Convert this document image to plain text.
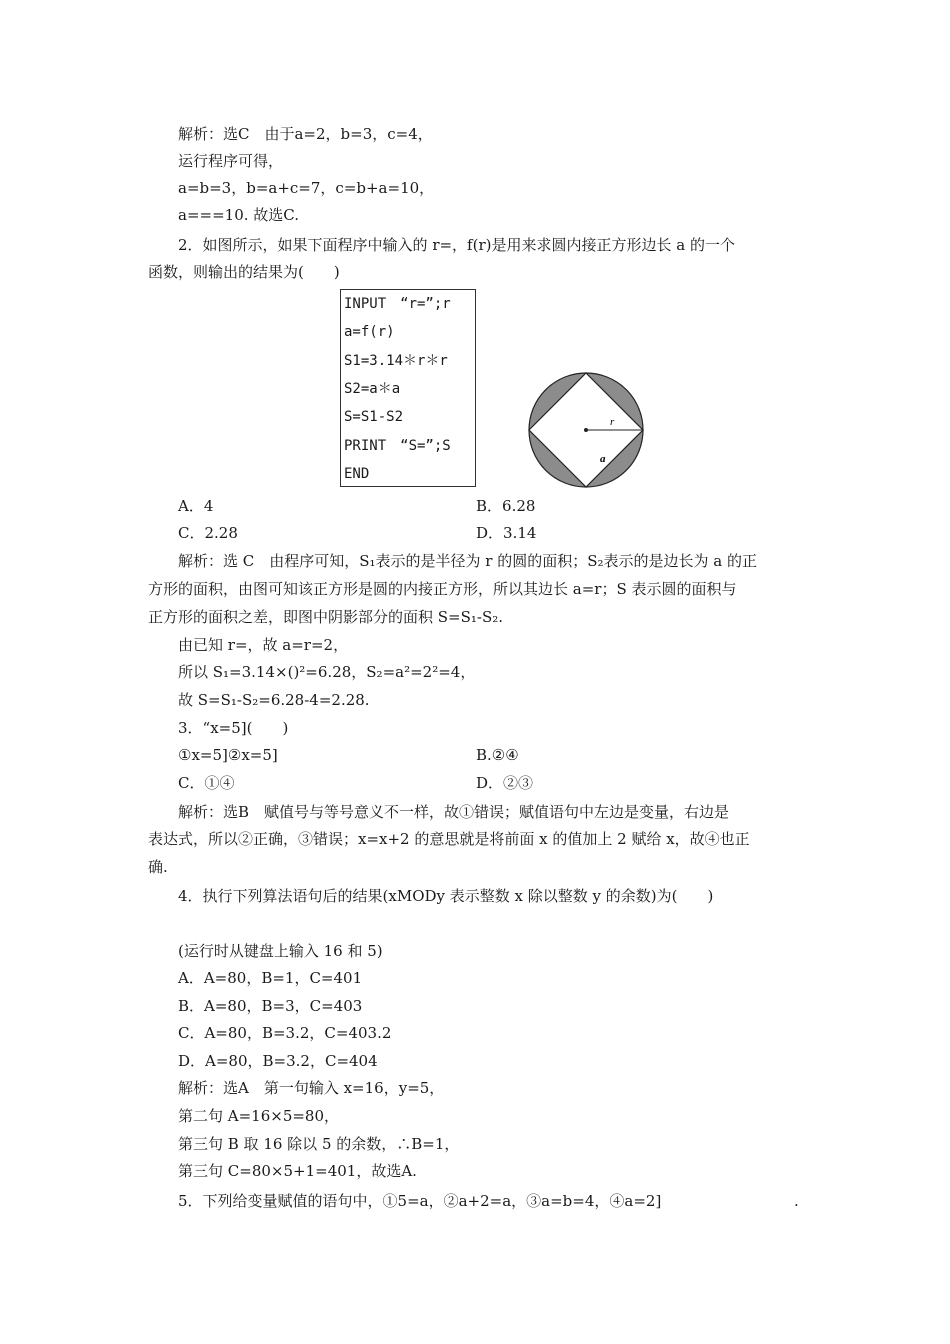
解析：选C　由于a=2，b=3，c=4，
运行程序可得，
a=b=3，b=a+c=7，c=b+a=10，
a===10. 故选C.
2．如图所示，如果下面程序中输入的 r=，f(r)是用来求圆内接正方形边长 a 的一个
函数，则输出的结果为(　　)
INPUT　“r=”;r
a=f(r)
S1=3.14＊r＊r
S2=a＊a
S=S1-S2
PRINT　“S=”;S
END
r
a
A．4	B．6.28
C．2.28	D．3.14
解析：选 C　由程序可知，S₁表示的是半径为 r 的圆的面积；S₂表示的是边长为 a 的正
方形的面积，由图可知该正方形是圆的内接正方形，所以其边长 a=r；S 表示圆的面积与
正方形的面积之差，即图中阴影部分的面积 S=S₁-S₂.
由已知 r=，故 a=r=2，
所以 S₁=3.14×()²=6.28，S₂=a²=2²=4，
故 S=S₁-S₂=6.28-4=2.28.
3．“x=5](　　)
①x=5]②x=5]	B.②④
C．①④	D．②③
解析：选B　赋值号与等号意义不一样，故①错误；赋值语句中左边是变量，右边是
表达式，所以②正确，③错误；x=x+2 的意思就是将前面 x 的值加上 2 赋给 x，故④也正
确.
4．执行下列算法语句后的结果(xMODy 表示整数 x 除以整数 y 的余数)为(　　)
(运行时从键盘上输入 16 和 5)
A．A=80，B=1，C=401
B．A=80，B=3，C=403
C．A=80，B=3.2，C=403.2
D．A=80，B=3.2，C=404
解析：选A　第一句输入 x=16，y=5，
第二句 A=16×5=80，
第三句 B 取 16 除以 5 的余数，∴B=1，
第三句 C=80×5+1=401，故选A.
5．下列给变量赋值的语句中，①5=a，②a+2=a，③a=b=4，④a=2]	.
